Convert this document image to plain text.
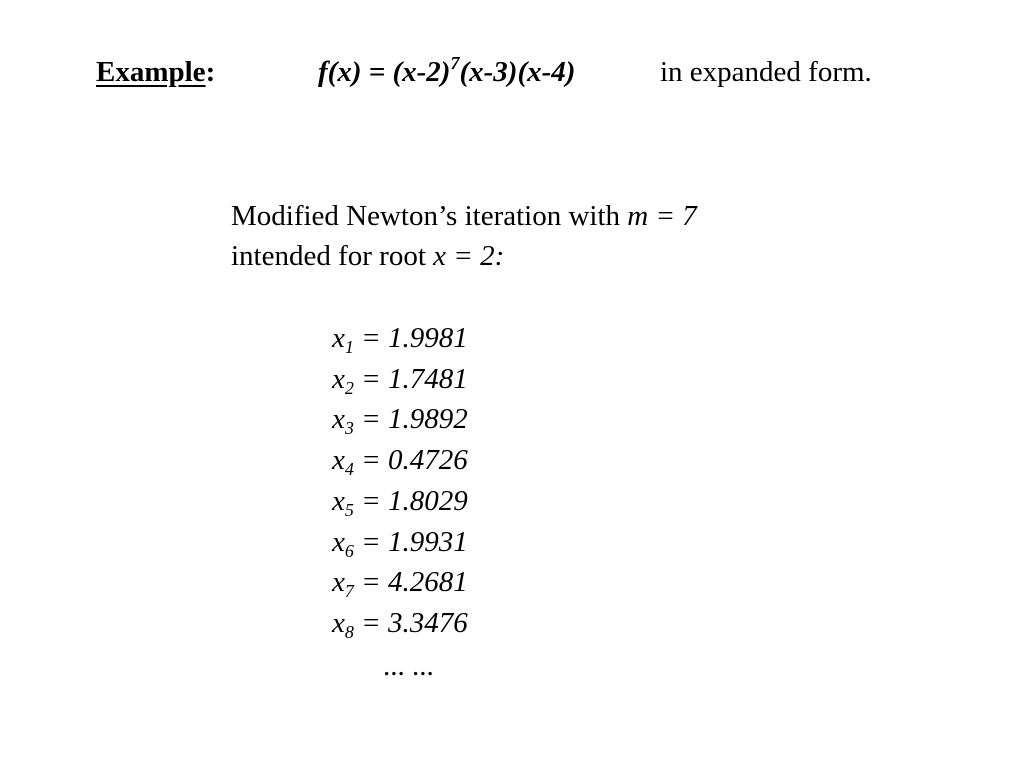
Example:	$f(x) = (x-2)^7(x-3)(x-4)$	in expanded form.
Modified Newton’s iteration with m = 7
intended for root x = 2:
$x_1 = 1.9981$
$x_2 = 1.7481$
$x_3 = 1.9892$
$x_4 = 0.4726$
$x_5 = 1.8029$
$x_6 = 1.9931$
$x_7 = 4.2681$
$x_8 = 3.3476$
... ...
